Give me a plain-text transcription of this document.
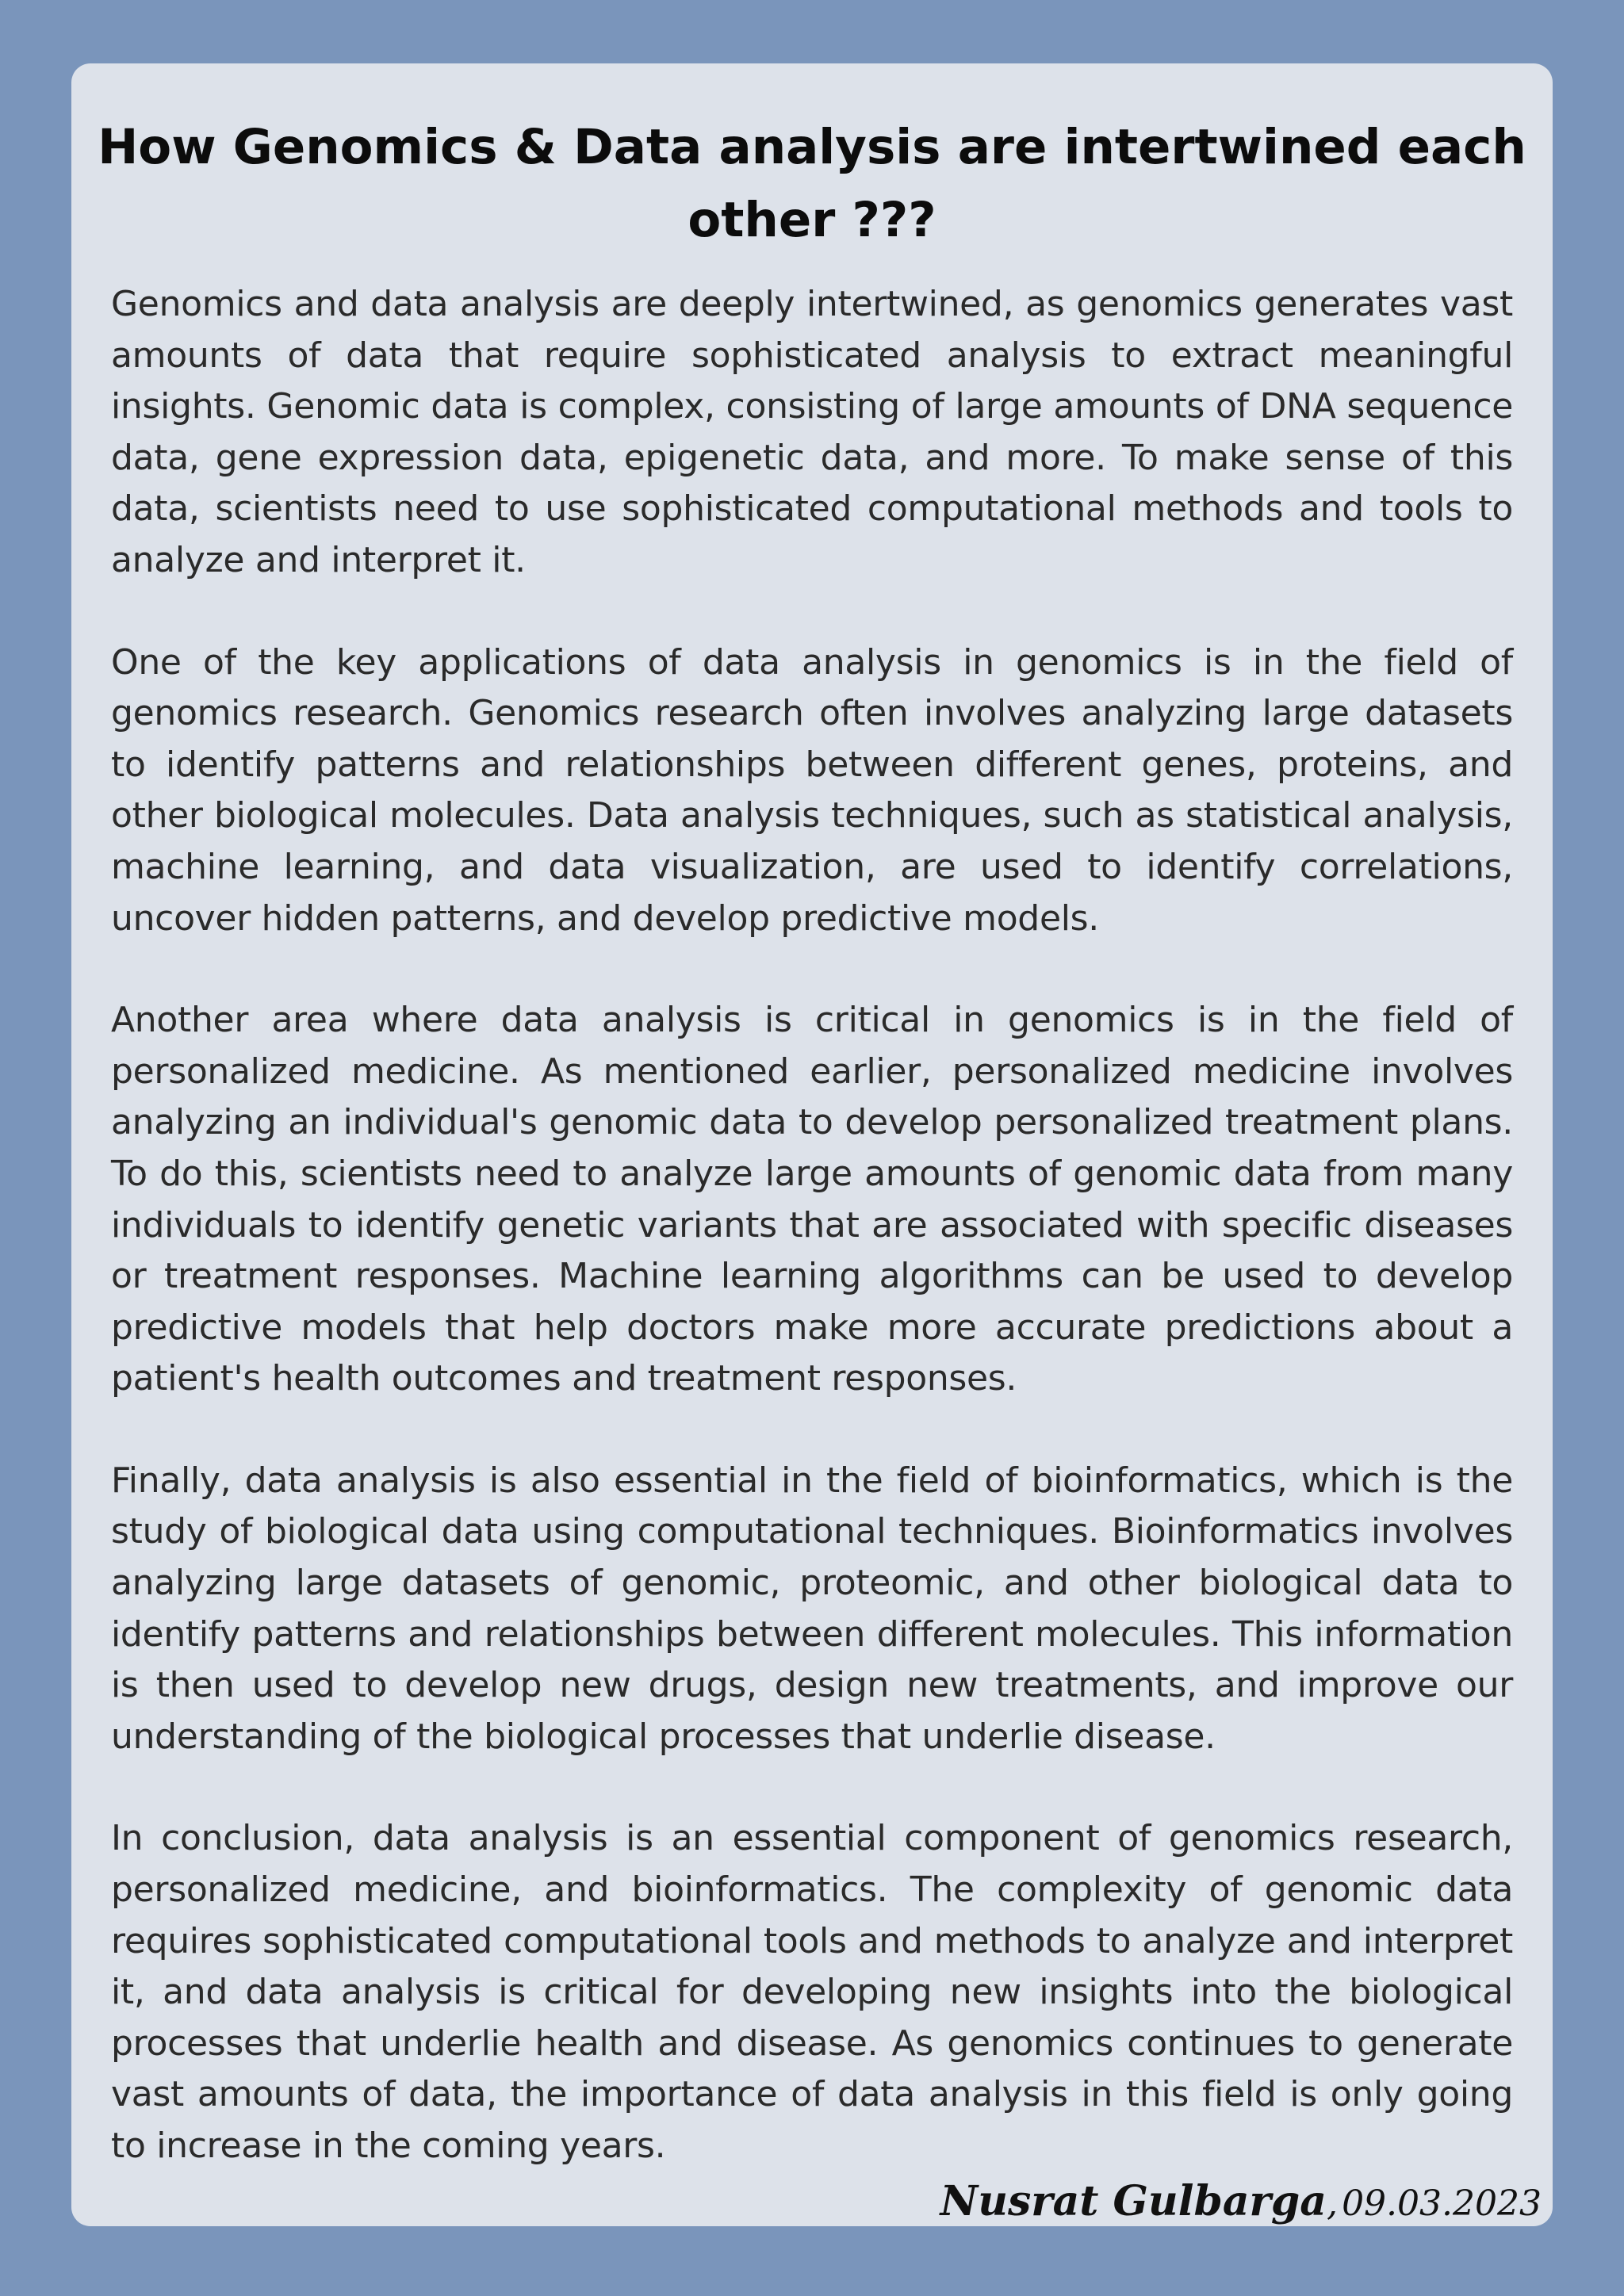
How Genomics & Data analysis are intertwined each other ???

Genomics and data analysis are deeply intertwined, as genomics generates vast amounts of data that require sophisticated analysis to extract meaningful insights. Genomic data is complex, consisting of large amounts of DNA sequence data, gene expression data, epigenetic data, and more. To make sense of this data, scientists need to use sophisticated computational methods and tools to analyze and interpret it.

One of the key applications of data analysis in genomics is in the field of genomics research. Genomics research often involves analyzing large datasets to identify patterns and relationships between different genes, proteins, and other biological molecules. Data analysis techniques, such as statistical analysis, machine learning, and data visualization, are used to identify correlations, uncover hidden patterns, and develop predictive models.

Another area where data analysis is critical in genomics is in the field of personalized medicine. As mentioned earlier, personalized medicine involves analyzing an individual's genomic data to develop personalized treatment plans. To do this, scientists need to analyze large amounts of genomic data from many individuals to identify genetic variants that are associated with specific diseases or treatment responses. Machine learning algorithms can be used to develop predictive models that help doctors make more accurate predictions about a patient's health outcomes and treatment responses.

Finally, data analysis is also essential in the field of bioinformatics, which is the study of biological data using computational techniques. Bioinformatics involves analyzing large datasets of genomic, proteomic, and other biological data to identify patterns and relationships between different molecules. This information is then used to develop new drugs, design new treatments, and improve our understanding of the biological processes that underlie disease.

In conclusion, data analysis is an essential component of genomics research, personalized medicine, and bioinformatics. The complexity of genomic data requires sophisticated computational tools and methods to analyze and interpret it, and data analysis is critical for developing new insights into the biological processes that underlie health and disease. As genomics continues to generate vast amounts of data, the importance of data analysis in this field is only going to increase in the coming years.

Nusrat Gulbarga, 09.03.2023
